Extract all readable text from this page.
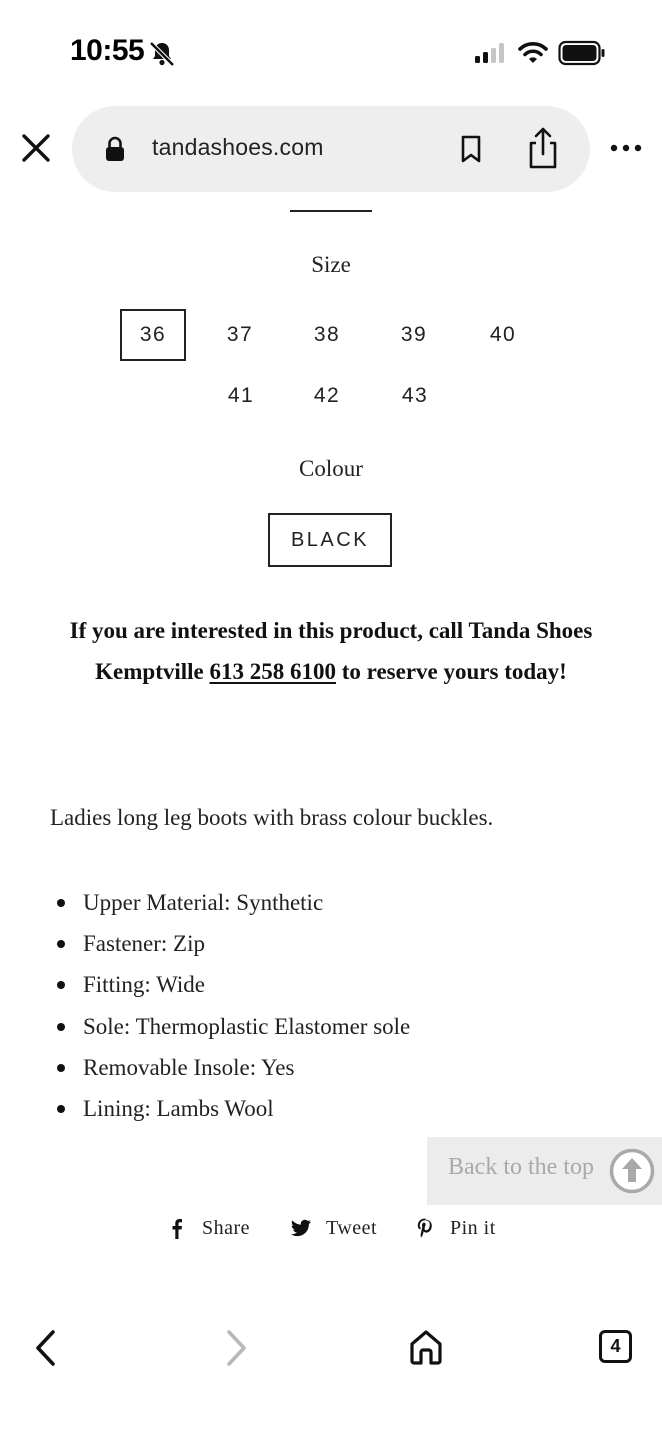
10:55
tandashoes.com
Size
36	37	38	39	40
41	42	43
Colour
BLACK
If you are interested in this product, call Tanda Shoes Kemptville 613 258 6100 to reserve yours today!
Ladies long leg boots with brass colour buckles.
Upper Material: Synthetic
Fastener: Zip
Fitting: Wide
Sole: Thermoplastic Elastomer sole
Removable Insole: Yes
Lining: Lambs Wool
Back to the top
Share	Tweet	Pin it
4
